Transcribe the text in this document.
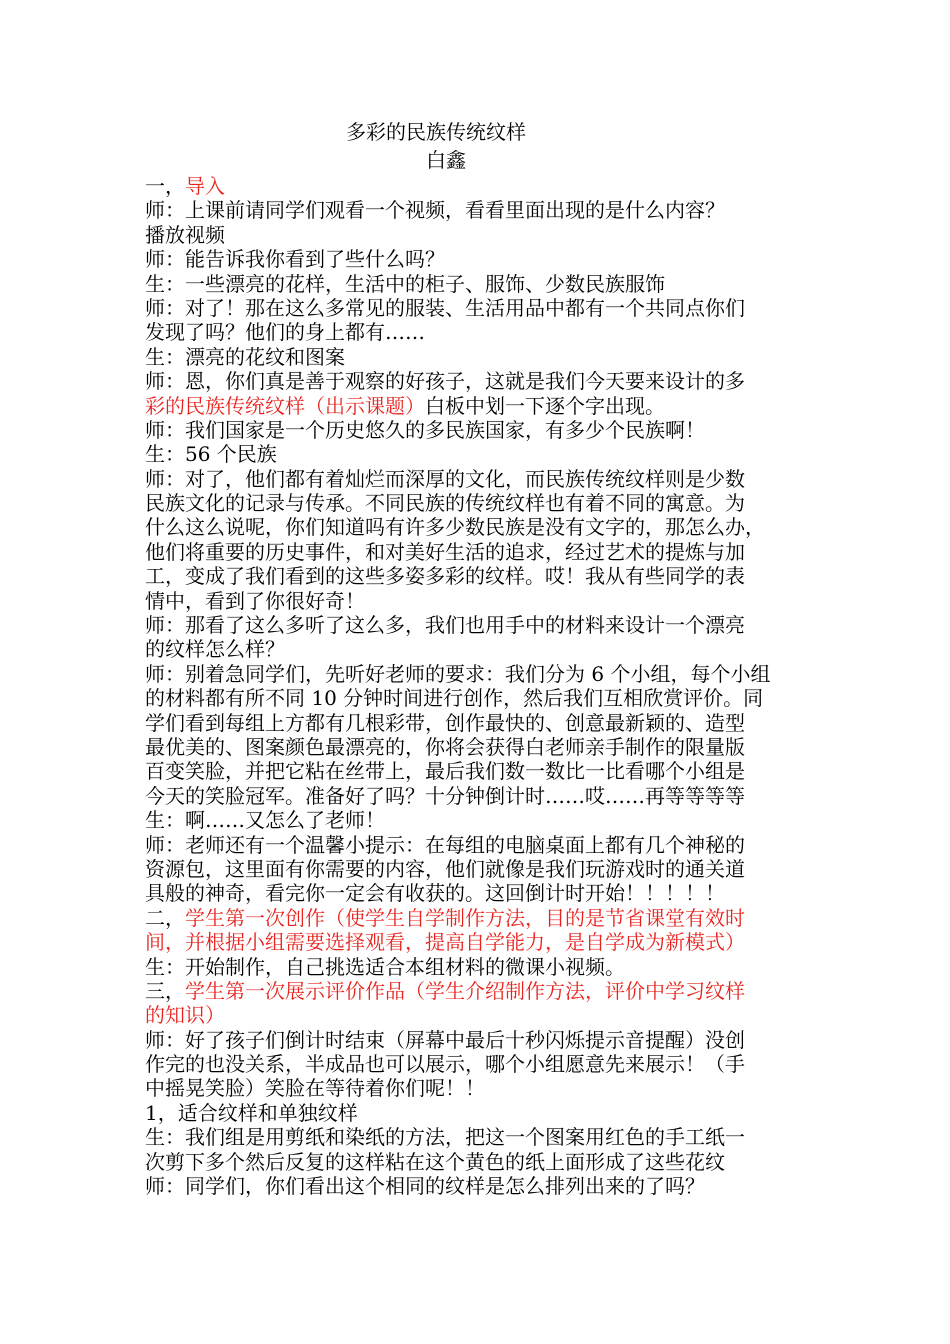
多彩的民族传统纹样
白鑫
一，导入
师：上课前请同学们观看一个视频，看看里面出现的是什么内容？
播放视频
师：能告诉我你看到了些什么吗？
生：一些漂亮的花样，生活中的柜子、服饰、少数民族服饰
师：对了！那在这么多常见的服装、生活用品中都有一个共同点你们
发现了吗？他们的身上都有……
生：漂亮的花纹和图案
师：恩，你们真是善于观察的好孩子，这就是我们今天要来设计的多
彩的民族传统纹样（出示课题）白板中划一下逐个字出现。
师：我们国家是一个历史悠久的多民族国家，有多少个民族啊！
生：56 个民族
师：对了，他们都有着灿烂而深厚的文化，而民族传统纹样则是少数
民族文化的记录与传承。不同民族的传统纹样也有着不同的寓意。为
什么这么说呢，你们知道吗有许多少数民族是没有文字的，那怎么办，
他们将重要的历史事件，和对美好生活的追求，经过艺术的提炼与加
工，变成了我们看到的这些多姿多彩的纹样。哎！我从有些同学的表
情中，看到了你很好奇！
师：那看了这么多听了这么多，我们也用手中的材料来设计一个漂亮
的纹样怎么样？
师：别着急同学们，先听好老师的要求：我们分为 6 个小组，每个小组
的材料都有所不同 10 分钟时间进行创作，然后我们互相欣赏评价。同
学们看到每组上方都有几根彩带，创作最快的、创意最新颖的、造型
最优美的、图案颜色最漂亮的，你将会获得白老师亲手制作的限量版
百变笑脸，并把它粘在丝带上，最后我们数一数比一比看哪个小组是
今天的笑脸冠军。准备好了吗？十分钟倒计时……哎……再等等等等
生：啊……又怎么了老师！
师：老师还有一个温馨小提示：在每组的电脑桌面上都有几个神秘的
资源包，这里面有你需要的内容，他们就像是我们玩游戏时的通关道
具般的神奇，看完你一定会有收获的。这回倒计时开始！！！！！
二，学生第一次创作（使学生自学制作方法，目的是节省课堂有效时
间，并根据小组需要选择观看，提高自学能力，是自学成为新模式）
生：开始制作，自己挑选适合本组材料的微课小视频。
三，学生第一次展示评价作品（学生介绍制作方法，评价中学习纹样
的知识）
师：好了孩子们倒计时结束（屏幕中最后十秒闪烁提示音提醒）没创
作完的也没关系，半成品也可以展示，哪个小组愿意先来展示！（手
中摇晃笑脸）笑脸在等待着你们呢！！
1，适合纹样和单独纹样
生：我们组是用剪纸和染纸的方法，把这一个图案用红色的手工纸一
次剪下多个然后反复的这样粘在这个黄色的纸上面形成了这些花纹
师：同学们，你们看出这个相同的纹样是怎么排列出来的了吗？
